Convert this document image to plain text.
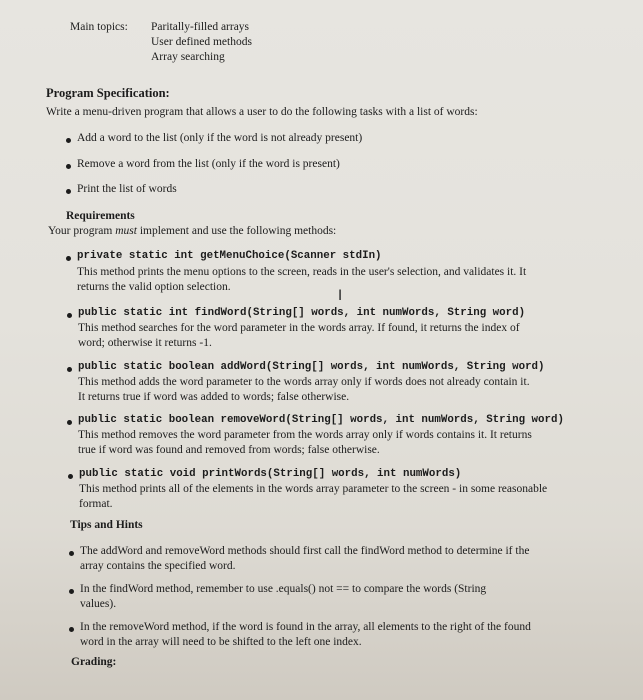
Main topics: Paritally-filled arrays
User defined methods
Array searching
Program Specification:
Write a menu-driven program that allows a user to do the following tasks with a list of words:
Add a word to the list (only if the word is not already present)
Remove a word from the list (only if the word is present)
Print the list of words
Requirements
Your program must implement and use the following methods:
private static int getMenuChoice(Scanner stdIn)
This method prints the menu options to the screen, reads in the user's selection, and validates it. It
returns the valid option selection.
public static int findWord(String[] words, int numWords, String word)
This method searches for the word parameter in the words array. If found, it returns the index of
word; otherwise it returns -1.
I
public static boolean addWord(String[] words, int numWords, String word)
This method adds the word parameter to the words array only if words does not already contain it.
It returns true if word was added to words; false otherwise.
public static boolean removeWord(String[] words, int numWords, String word)
This method removes the word parameter from the words array only if words contains it. It returns
true if word was found and removed from words; false otherwise.
public static void printWords(String[] words, int numWords)
This method prints all of the elements in the words array parameter to the screen - in some reasonable
format.
Tips and Hints
The addWord and removeWord methods should first call the findWord method to determine if the
array contains the specified word.
In the findWord method, remember to use .equals() not == to compare the words (String
values).
In the removeWord method, if the word is found in the array, all elements to the right of the found
word in the array will need to be shifted to the left one index.
Grading:
